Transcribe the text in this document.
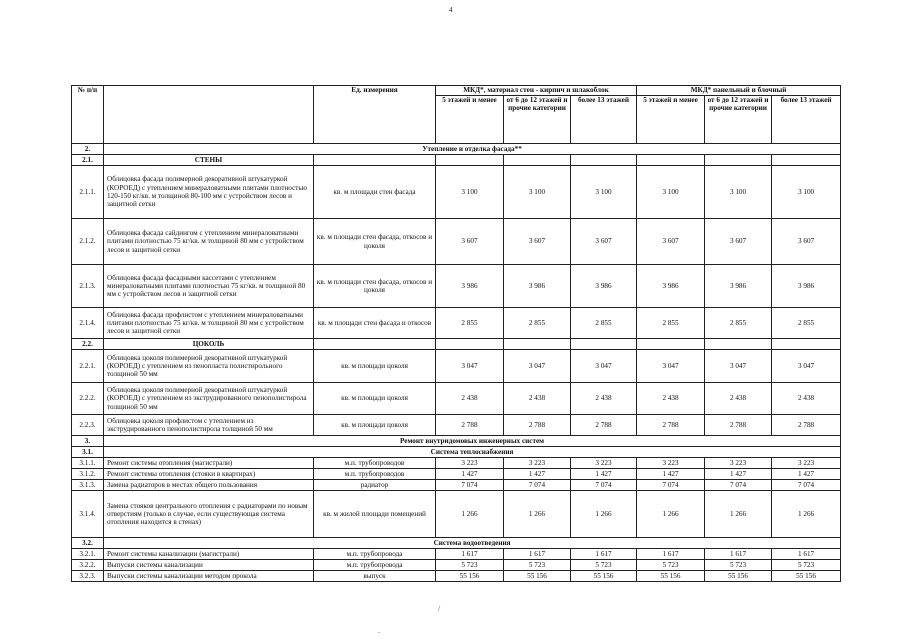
4
№ п/п		Ед. измерения	МКД*, материал стен - кирпич и шлакоблок			МКД* панельный и блочный		
			5 этажей и менее	от 6 до 12 этажей и прочие категории	более 13 этажей	5 этажей и менее	от 6 до 12 этажей и прочие категории	более 13 этажей
2.	Утепление и отделка фасада**							
2.1.	СТЕНЫ							
2.1.1.	Облицовка фасада полимерной декоративной штукатуркой (КОРОЕД) с утеплением минераловатными плитами плотностью 120-150 кг/кв. м толщиной 80-100 мм с устройством лесов и защитной сетки	кв. м площади стен фасада	3 100	3 100	3 100	3 100	3 100	3 100
2.1.2.	Облицовка фасада сайдингом с утеплением минераловатными плитами плотностью 75 кг/кв. м толщиной 80 мм с устройством лесов и защитной сетки	кв. м площади стен фасада, откосов и цоколя	3 607	3 607	3 607	3 607	3 607	3 607
2.1.3.	Облицовка фасада фасадными кассетами с утеплением минераловатными плитами плотностью 75 кг/кв. м толщиной 80 мм с устройством лесов и защитной сетки	кв. м площади стен фасада, откосов и цоколя	3 986	3 986	3 986	3 986	3 986	3 986
2.1.4.	Облицовка фасада профлистом с утеплением минераловатными плитами плотностью 75 кг/кв. м толщиной 80 мм с устройством лесов и защитной сетки	кв. м площади стен фасада и откосов	2 855	2 855	2 855	2 855	2 855	2 855
2.2.	ЦОКОЛЬ							
2.2.1.	Облицовка цоколя полимерной декоративной штукатуркой (КОРОЕД) с утеплением из пеноплаcта полистирольного толщиной 50 мм	кв. м площади цоколя	3 047	3 047	3 047	3 047	3 047	3 047
2.2.2.	Облицовка цоколя полимерной декоративной штукатуркой (КОРОЕД) с утеплением из экструдированного пенополистирола толщиной 50 мм	кв. м площади цоколя	2 438	2 438	2 438	2 438	2 438	2 438
2.2.3.	Облицовка цоколя профлистом с утеплением из экструдированного пенополистирола толщиной 50 мм	кв. м площади цоколя	2 788	2 788	2 788	2 788	2 788	2 788
3.	Ремонт внутридомовых инженерных систем							
3.1.	Система теплоснабжения							
3.1.1.	Ремонт системы отопления (магистрали)	м.п. трубопроводов	3 223	3 223	3 223	3 223	3 223	3 223
3.1.2.	Ремонт системы отопления (стояки в квартирах)	м.п. трубопроводов	1 427	1 427	1 427	1 427	1 427	1 427
3.1.3.	Замена радиаторов в местах общего пользования	радиатор	7 074	7 074	7 074	7 074	7 074	7 074
3.1.4.	Замена стояков центрального отопления с радиаторами по новым отверстиям (только в случае, если существующая система отопления находится в стенах)	кв. м жилой площади помещений	1 266	1 266	1 266	1 266	1 266	1 266
3.2.	Система водоотведения							
3.2.1.	Ремонт системы канализации (магистрали)	м.п. трубопровода	1 617	1 617	1 617	1 617	1 617	1 617
3.2.2.	Выпуски системы канализации	м.п. трубопровода	5 723	5 723	5 723	5 723	5 723	5 723
3.2.3.	Выпуски системы канализации методом прокола	выпуск	55 156	55 156	55 156	55 156	55 156	55 156
/
.
